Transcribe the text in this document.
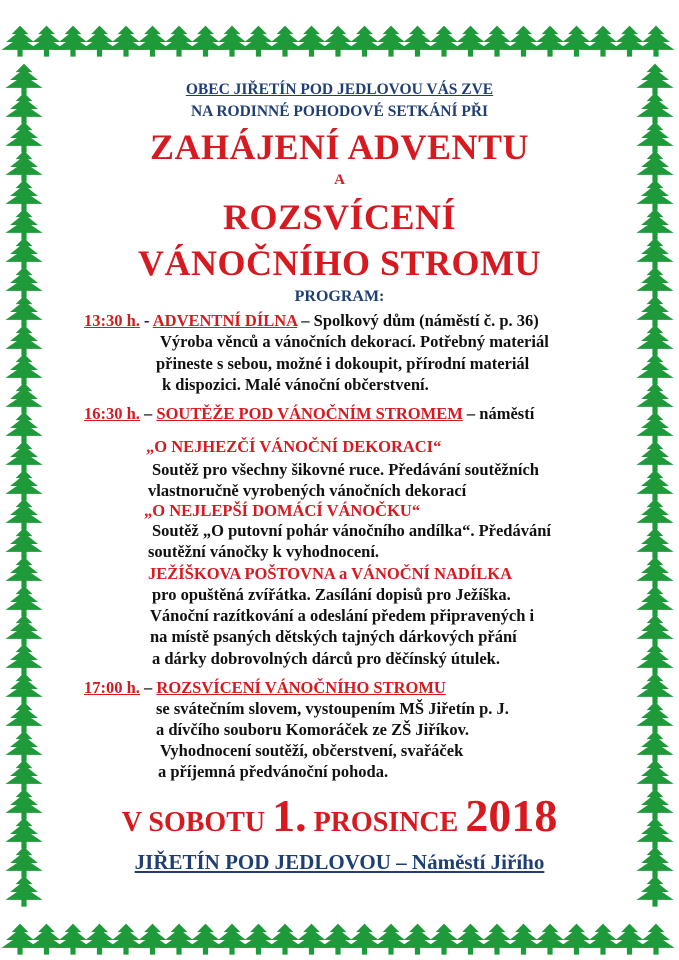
OBEC JIŘETÍN POD JEDLOVOU VÁS ZVE
NA RODINNÉ POHODOVÉ SETKÁNÍ PŘI
ZAHÁJENÍ ADVENTU
A
ROZSVÍCENÍ
VÁNOČNÍHO STROMU
PROGRAM:
13:30 h. - ADVENTNÍ DÍLNA – Spolkový dům (náměstí č. p. 36)
Výroba věnců a vánočních dekorací. Potřebný materiál
přineste s sebou, možné i dokoupit, přírodní materiál
k dispozici. Malé vánoční občerstvení.
16:30 h. – SOUTĚŽE POD VÁNOČNÍM STROMEM – náměstí
„O NEJHEZČÍ VÁNOČNÍ DEKORACI“
Soutěž pro všechny šikovné ruce. Předávání soutěžních
vlastnoručně vyrobených vánočních dekorací
„O NEJLEPŠÍ DOMÁCÍ VÁNOČKU“
Soutěž „O putovní pohár vánočního andílka“. Předávání
soutěžní vánočky k vyhodnocení.
JEŽÍŠKOVA POŠTOVNA a VÁNOČNÍ NADÍLKA
pro opuštěná zvířátka. Zasílání dopisů pro Ježíška.
Vánoční razítkování a odeslání předem připravených i
na místě psaných dětských tajných dárkových přání
a dárky dobrovolných dárců pro děčínský útulek.
17:00 h. – ROZSVÍCENÍ VÁNOČNÍHO STROMU
se svátečním slovem, vystoupením MŠ Jiřetín p. J.
a dívčího souboru Komoráček ze ZŠ Jiříkov.
Vyhodnocení soutěží, občerstvení, svařáček
a příjemná předvánoční pohoda.
V SOBOTU 1. PROSINCE 2018
JIŘETÍN POD JEDLOVOU – Náměstí Jiřího
